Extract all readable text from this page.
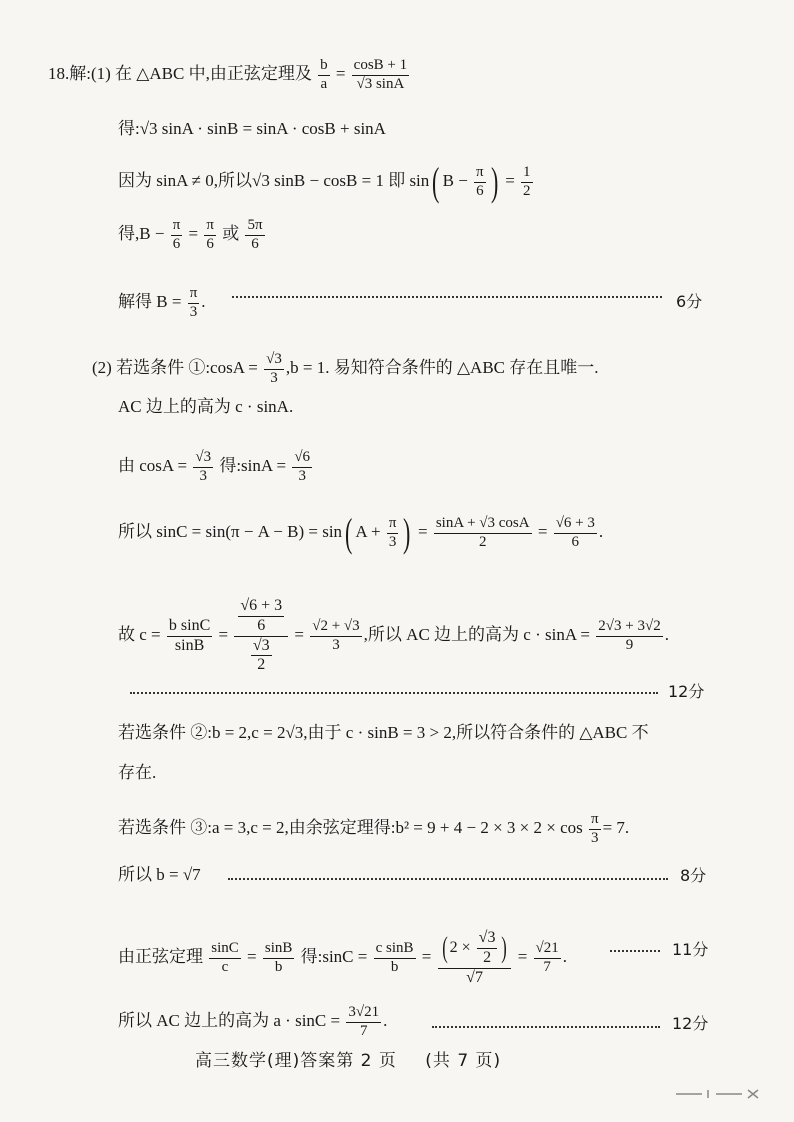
18.解:(1) 在 △ABC 中,由正弦定理及 $\frac{b}{a} = \frac{\cos B + 1}{√3 \sin A}$
得:√3 sinA · sinB = sinA · cosB + sinA
因为 sinA ≠ 0,所以√3 sinB − cosB = 1 即 sin( $B - \frac{\pi}{6}$ ) = $\frac{1}{2}$
得$,B - \frac{\pi}{6} = \frac{\pi}{6}$ 或 $\frac{5\pi}{6}$
解得 $B = \frac{\pi}{3}$ .	6分
(2) 若选条件 ①:cosA = $\frac{√3}{3} ,b = 1$. 易知符合条件的 △ABC 存在且唯一.
AC 边上的高为 c · sinA.
由 $\cos A = \frac{√3}{3}$ 得:sinA = $\frac{√6}{3}$
所以 sinC = sin(π − A − B) = sin( $A + \frac{\pi}{3}$ ) = $\frac{\sin A + √3 \cos A}{2} = \frac{√6 + 3}{6}$ .
故 $c = \frac{\text{b sinC}}{\sin B} = \frac{\frac{√6 + 3}{6}}{\frac{√3}{2}} = \frac{√2 + √3}{3}$ ,所以 AC 边上的高为 $c \cdot \sin A = \frac{2√3 + 3√2}{9}$ .
12分
若选条件 ②:b = 2,c = 2√3,由于 c · sinB = 3 > 2,所以符合条件的 △ABC 不
存在.
若选条件 ③:a = 3,c = 2,由余弦定理得:b² = $9 + 4 - 2 \times 3 \times 2 \times \cos \frac{\pi}{3} = 7$.
所以 b = √7	8分
由正弦定理 $\frac{\sin C}{c} = \frac{\sin B}{b}$ 得:sinC = $\frac{\text{c sinB}}{b} = \frac{( 2 \times \frac{√3}{2} )}{√7} = \frac{√21}{7}$ .	11分
所以 AC 边上的高为 $a \cdot \sin C = \frac{3√21}{7}$ .	12分
高三数学(理)答案第 2 页 (共 7 页)
